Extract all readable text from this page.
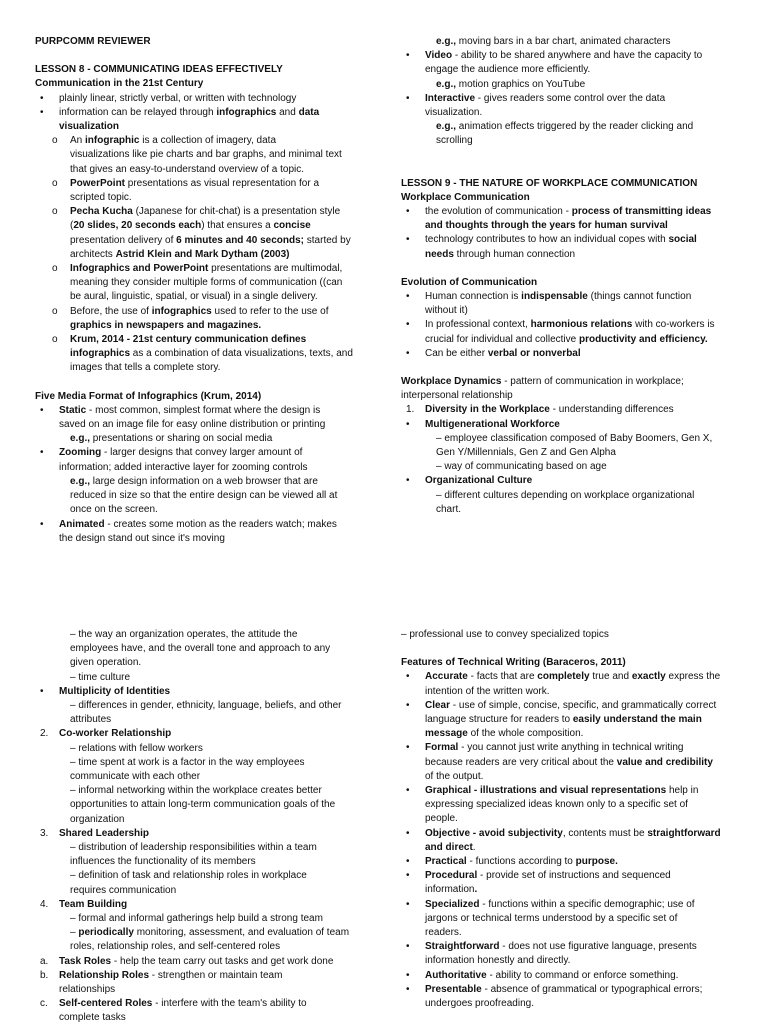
PURPCOMM REVIEWER
LESSON 8 - COMMUNICATING IDEAS EFFECTIVELY
Communication in the 21st Century
• plainly linear, strictly verbal, or written with technology
• information can be relayed through infographics and data
visualization
o An infographic is a collection of imagery, data
visualizations like pie charts and bar graphs, and minimal text
that gives an easy-to-understand overview of a topic.
o PowerPoint presentations as visual representation for a
scripted topic.
o Pecha Kucha (Japanese for chit-chat) is a presentation style
(20 slides, 20 seconds each) that ensures a concise
presentation delivery of 6 minutes and 40 seconds; started by
architects Astrid Klein and Mark Dytham (2003)
o Infographics and PowerPoint presentations are multimodal,
meaning they consider multiple forms of communication ((can
be aural, linguistic, spatial, or visual) in a single delivery.
o Before, the use of infographics used to refer to the use of
graphics in newspapers and magazines.
o Krum, 2014 - 21st century communication defines
infographics as a combination of data visualizations, texts, and
images that tells a complete story.
Five Media Format of Infographics (Krum, 2014)
• Static - most common, simplest format where the design is
saved on an image file for easy online distribution or printing
e.g., presentations or sharing on social media
• Zooming - larger designs that convey larger amount of
information; added interactive layer for zooming controls
e.g., large design information on a web browser that are
reduced in size so that the entire design can be viewed all at
once on the screen.
• Animated - creates some motion as the readers watch; makes
the design stand out since it's moving
e.g., moving bars in a bar chart, animated characters
• Video - ability to be shared anywhere and have the capacity to
engage the audience more efficiently.
e.g., motion graphics on YouTube
• Interactive - gives readers some control over the data
visualization.
e.g., animation effects triggered by the reader clicking and
scrolling
LESSON 9 - THE NATURE OF WORKPLACE COMMUNICATION
Workplace Communication
• the evolution of communication - process of transmitting ideas
and thoughts through the years for human survival
• technology contributes to how an individual copes with social
needs through human connection
Evolution of Communication
• Human connection is indispensable (things cannot function
without it)
• In professional context, harmonious relations with co-workers is
crucial for individual and collective productivity and efficiency.
• Can be either verbal or nonverbal
Workplace Dynamics - pattern of communication in workplace;
interpersonal relationship
1. Diversity in the Workplace - understanding differences
• Multigenerational Workforce
– employee classification composed of Baby Boomers, Gen X,
Gen Y/Millennials, Gen Z and Gen Alpha
– way of communicating based on age
• Organizational Culture
– different cultures depending on workplace organizational
chart.
– the way an organization operates, the attitude the
employees have, and the overall tone and approach to any
given operation.
– time culture
• Multiplicity of Identities
– differences in gender, ethnicity, language, beliefs, and other
attributes
2. Co-worker Relationship
– relations with fellow workers
– time spent at work is a factor in the way employees
communicate with each other
– informal networking within the workplace creates better
opportunities to attain long-term communication goals of the
organization
3. Shared Leadership
– distribution of leadership responsibilities within a team
influences the functionality of its members
– definition of task and relationship roles in workplace
requires communication
4. Team Building
– formal and informal gatherings help build a strong team
– periodically monitoring, assessment, and evaluation of team
roles, relationship roles, and self-centered roles
a. Task Roles - help the team carry out tasks and get work done
b. Relationship Roles - strengthen or maintain team
relationships
c. Self-centered Roles - interfere with the team's ability to
complete tasks
– professional use to convey specialized topics
Features of Technical Writing (Baraceros, 2011)
• Accurate - facts that are completely true and exactly express the
intention of the written work.
• Clear - use of simple, concise, specific, and grammatically correct
language structure for readers to easily understand the main
message of the whole composition.
• Formal - you cannot just write anything in technical writing
because readers are very critical about the value and credibility
of the output.
• Graphical - illustrations and visual representations help in
expressing specialized ideas known only to a specific set of
people.
• Objective - avoid subjectivity, contents must be straightforward
and direct.
• Practical - functions according to purpose.
• Procedural - provide set of instructions and sequenced
information.
• Specialized - functions within a specific demographic; use of
jargons or technical terms understood by a specific set of
readers.
• Straightforward - does not use figurative language, presents
information honestly and directly.
• Authoritative - ability to command or enforce something.
• Presentable - absence of grammatical or typographical errors;
undergoes proofreading.
